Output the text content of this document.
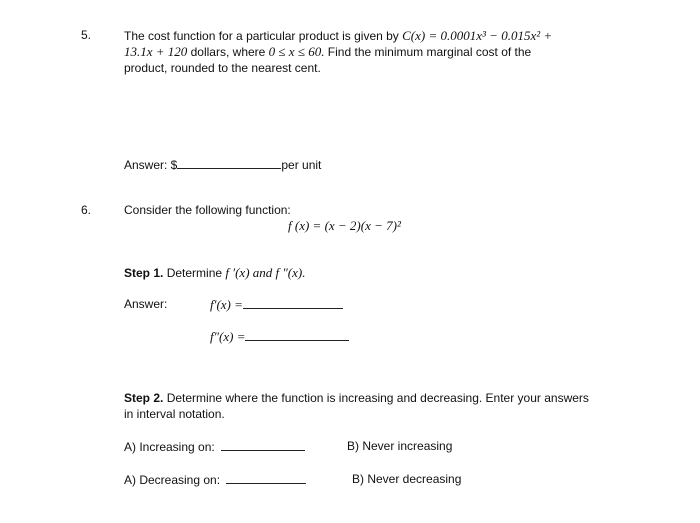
5.	The cost function for a particular product is given by C(x) = 0.0001x³ − 0.015x² +
13.1x + 120 dollars, where 0 ≤ x ≤ 60. Find the minimum marginal cost of the
product, rounded to the nearest cent.
Answer: $	per unit
6.	Consider the following function:
f (x) = (x − 2)(x − 7)²
Step 1. Determine f ′(x) and f ″(x).
Answer:	f′(x) =
f″(x) =
Step 2. Determine where the function is increasing and decreasing. Enter your answers
in interval notation.
A) Increasing on:	B) Never increasing
A) Decreasing on:	B) Never decreasing
